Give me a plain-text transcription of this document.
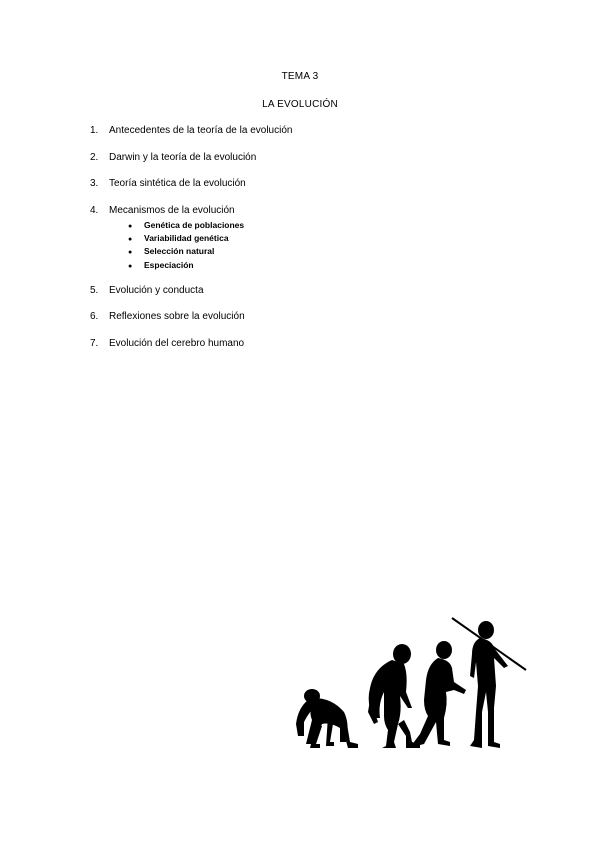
TEMA 3
LA EVOLUCIÓN
1. Antecedentes de la teoría de la evolución
2. Darwin y la teoría de la evolución
3. Teoría sintética de la evolución
4. Mecanismos de la evolución
● Genética de poblaciones
● Variabilidad genética
● Selección natural
● Especiación
5. Evolución y conducta
6. Reflexiones sobre la evolución
7. Evolución del cerebro humano
